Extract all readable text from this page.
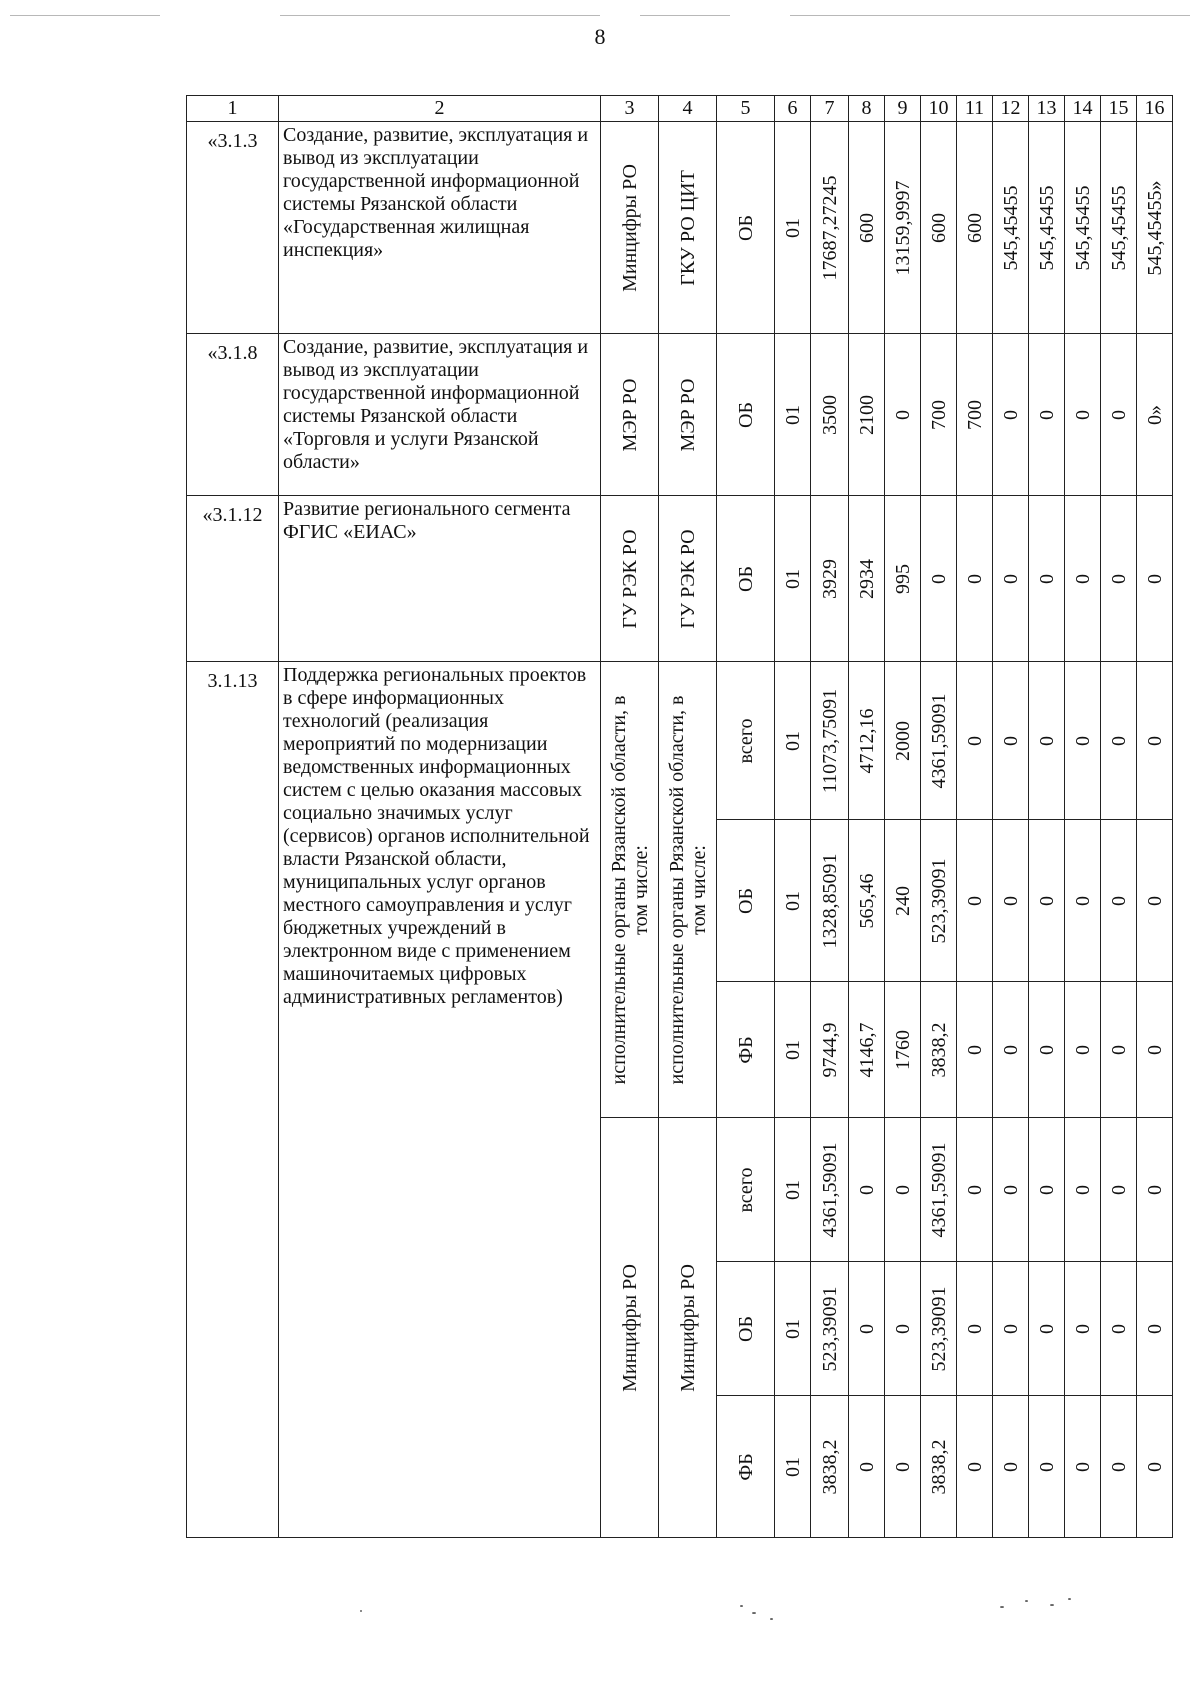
8
1	2	3	4	5	6	7	8	9	10	11	12	13	14	15	16
«3.1.3	Создание, развитие, эксплуатация и вывод из эксплуатации государственной информационной системы Рязанской области «Государственная жилищная инспекция»	Минцифры РО	ГКУ РО ЦИТ	ОБ	01	17687,27245	600	13159,9997	600	600	545,45455	545,45455	545,45455	545,45455	545,45455»

«3.1.8	Создание, развитие, эксплуатация и вывод из эксплуатации государственной информационной системы Рязанской области «Торговля и услуги Рязанской области»	МЭР РО	МЭР РО	ОБ	01	3500	2100	0	700	700	0	0	0	0	0»

«3.1.12	Развитие регионального сегмента ФГИС «ЕИАС»	ГУ РЭК РО	ГУ РЭК РО	ОБ	01	3929	2934	995	0	0	0	0	0	0	0

3.1.13	Поддержка региональных проектов в сфере информационных технологий (реализация мероприятий по модернизации ведомственных информационных систем с целью оказания массовых социально значимых услуг (сервисов) органов исполнительной власти Рязанской области, муниципальных услуг органов местного самоуправления и услуг бюджетных учреждений в электронном виде с применением машиночитаемых цифровых административных регламентов)	исполнительные органы Рязанской области, в том числе:	исполнительные органы Рязанской области, в том числе:	всего	01	11073,75091	4712,16	2000	4361,59091	0	0	0	0	0	0

				ОБ	01	1328,85091	565,46	240	523,39091	0	0	0	0	0	0

				ФБ	01	9744,9	4146,7	1760	3838,2	0	0	0	0	0	0

		Минцифры РО	Минцифры РО	всего	01	4361,59091	0	0	4361,59091	0	0	0	0	0	0

				ОБ	01	523,39091	0	0	523,39091	0	0	0	0	0	0

				ФБ	01	3838,2	0	0	3838,2	0	0	0	0	0	0
